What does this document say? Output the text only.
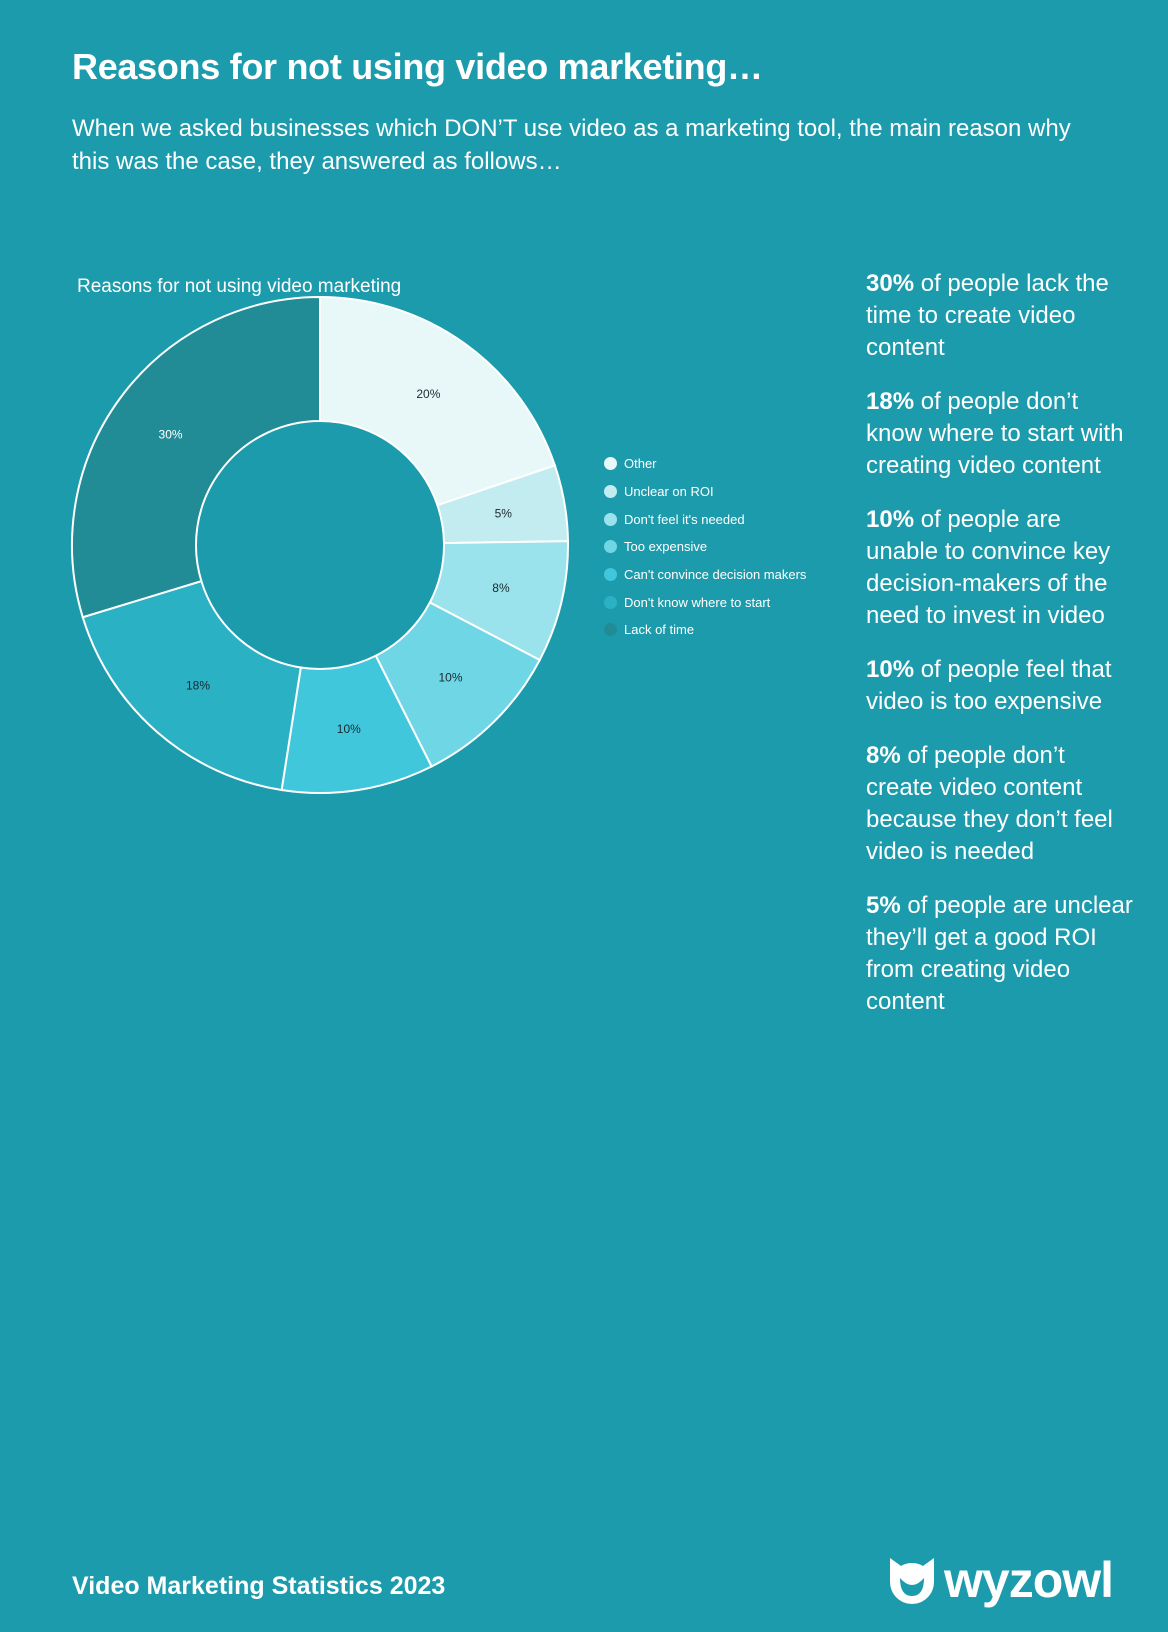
Reasons for not using video marketing…

When we asked businesses which DON’T use video as a marketing tool, the main reason why this was the case, they answered as follows…

Reasons for not using video marketing
20%
5%
8%
10%
10%
18%
30%
Other
Unclear on ROI
Don't feel it's needed
Too expensive
Can't convince decision makers
Don't know where to start
Lack of time

30% of people lack the time to create video content

18% of people don’t know where to start with creating video content

10% of people are unable to convince key decision-makers of the need to invest in video

10% of people feel that video is too expensive

8% of people don’t create video content because they don’t feel video is needed

5% of people are unclear they’ll get a good ROI from creating video content

Video Marketing Statistics 2023	wyzowl
